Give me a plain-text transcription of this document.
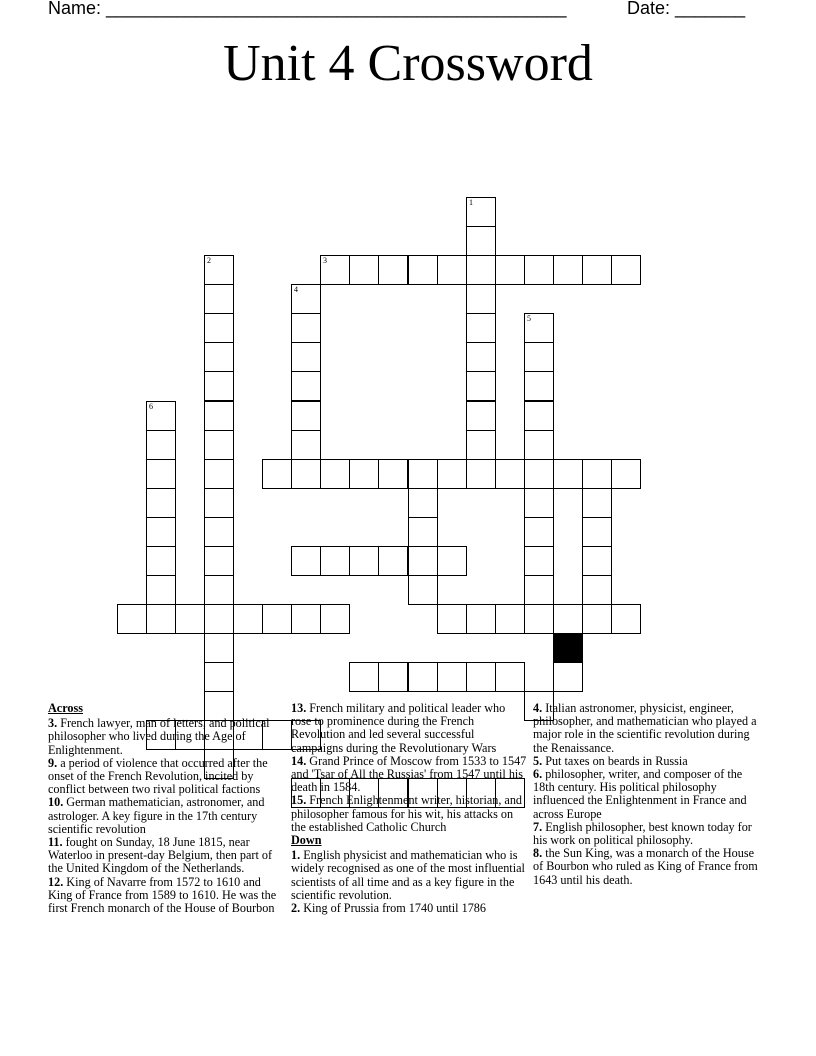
Name: ______________________________________________	Date: _______
Unit 4 Crossword
1
2	3
4
5
6
Across

3. French lawyer, man of letters, and political philosopher who lived during the Age of Enlightenment.

9. a period of violence that occurred after the onset of the French Revolution, incited by conflict between two rival political factions

10. German mathematician, astronomer, and astrologer. A key figure in the 17th century scientific revolution

11. fought on Sunday, 18 June 1815, near Waterloo in present-day Belgium, then part of the United Kingdom of the Netherlands.

12. King of Navarre from 1572 to 1610 and King of France from 1589 to 1610. He was the first French monarch of the House of Bourbon

13. French military and political leader who rose to prominence during the French Revolution and led several successful campaigns during the Revolutionary Wars

14. Grand Prince of Moscow from 1533 to 1547 and 'Tsar of All the Russias' from 1547 until his death in 1584.

15. French Enlightenment writer, historian, and philosopher famous for his wit, his attacks on the established Catholic Church

Down

1. English physicist and mathematician who is widely recognised as one of the most influential scientists of all time and as a key figure in the scientific revolution.

2. King of Prussia from 1740 until 1786

4. Italian astronomer, physicist, engineer, philosopher, and mathematician who played a major role in the scientific revolution during the Renaissance.

5. Put taxes on beards in Russia

6. philosopher, writer, and composer of the 18th century. His political philosophy influenced the Enlightenment in France and across Europe

7. English philosopher, best known today for his work on political philosophy.

8. the Sun King, was a monarch of the House of Bourbon who ruled as King of France from 1643 until his death.
